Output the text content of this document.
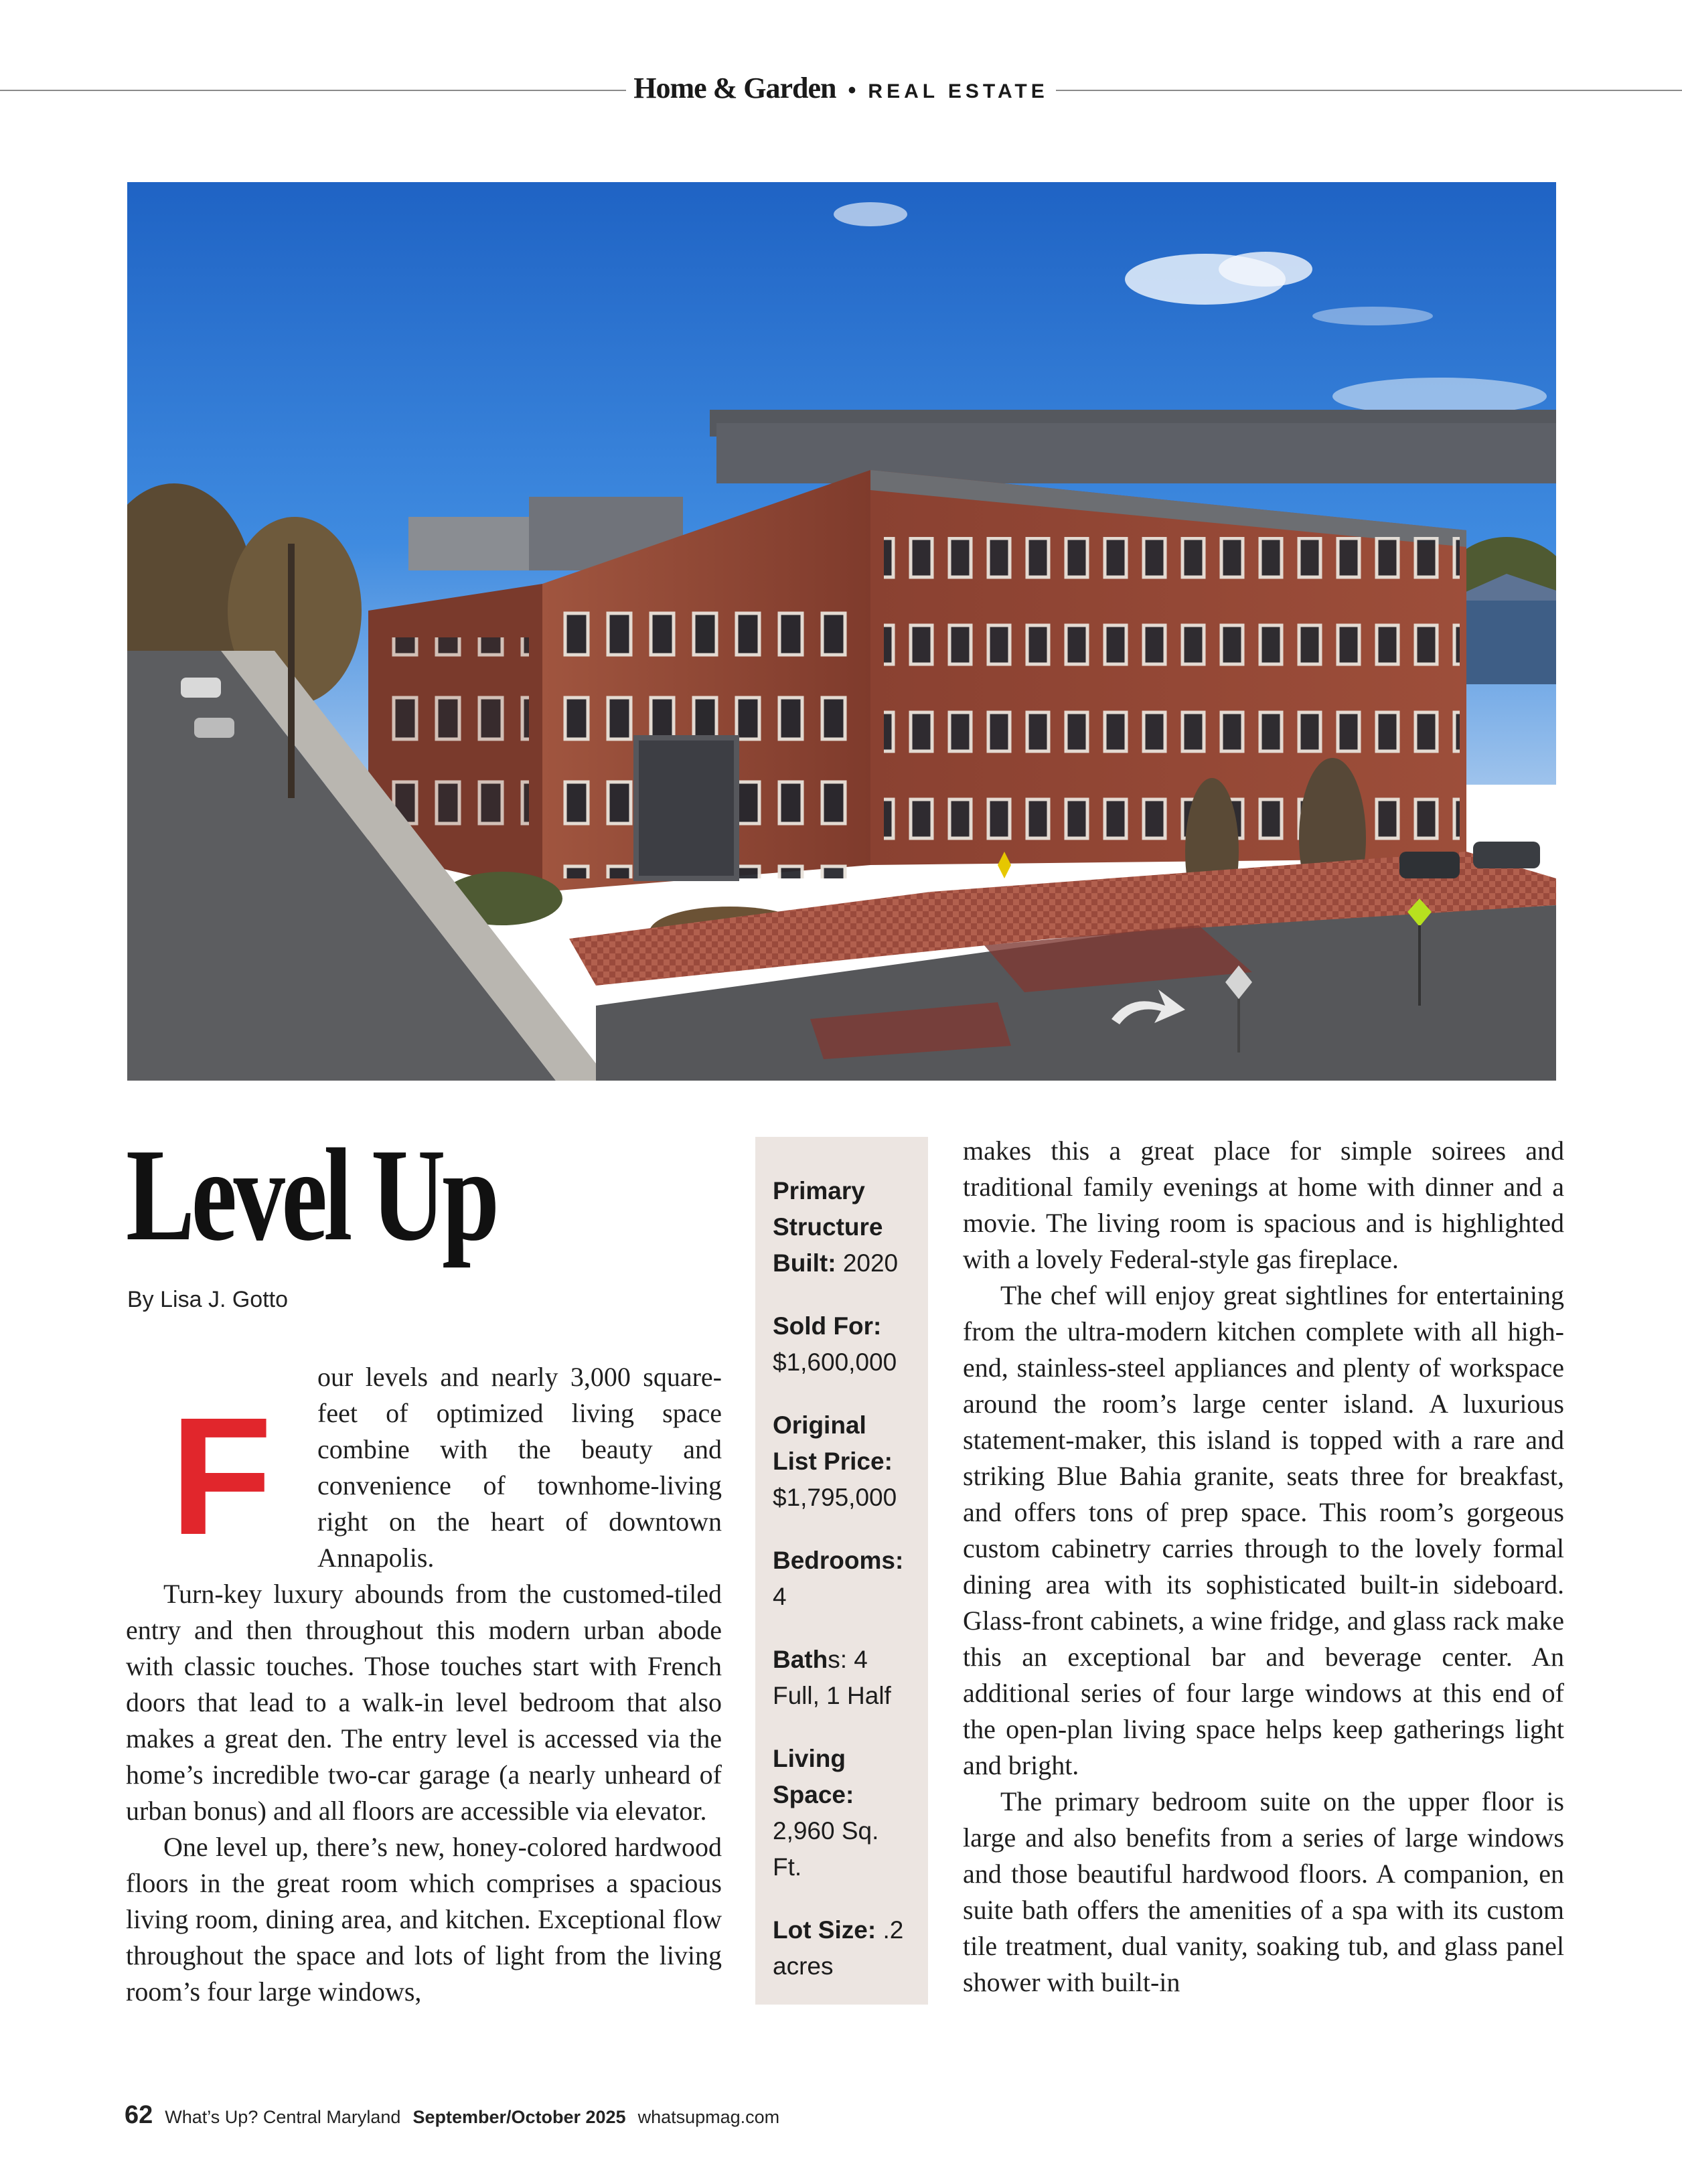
Home & Garden • REAL ESTATE
Level Up
By Lisa J. Gotto
F

our levels and nearly 3,000 square-feet of optimized living space combine with the beauty and convenience of townhome-living right on the heart of downtown Annapolis.

Turn-key luxury abounds from the customed-tiled entry and then throughout this modern urban abode with classic touches. Those touches start with French doors that lead to a walk-in level bedroom that also makes a great den. The entry level is accessed via the home’s incredible two-car garage (a nearly unheard of urban bonus) and all floors are accessible via elevator.

One level up, there’s new, honey-colored hardwood floors in the great room which comprises a spacious living room, dining area, and kitchen. Exceptional flow throughout the space and lots of light from the living room’s four large windows,

Primary Structure Built: 2020
Sold For: $1,600,000
Original List Price: $1,795,000
Bedrooms: 4
Baths: 4 Full, 1 Half
Living Space: 2,960 Sq. Ft.
Lot Size: .2 acres

makes this a great place for simple soirees and traditional family evenings at home with dinner and a movie. The living room is spacious and is highlighted with a lovely Federal-style gas fireplace.

The chef will enjoy great sightlines for entertaining from the ultra-modern kitchen complete with all high-end, stainless-steel appliances and plenty of workspace around the room’s large center island. A luxurious statement-maker, this island is topped with a rare and striking Blue Bahia granite, seats three for breakfast, and offers tons of prep space. This room’s gorgeous custom cabinetry carries through to the lovely formal dining area with its sophisticated built-in sideboard. Glass-front cabinets, a wine fridge, and glass rack make this an exceptional bar and beverage center. An additional series of four large windows at this end of the open-plan living space helps keep gatherings light and bright.

The primary bedroom suite on the upper floor is large and also benefits from a series of large windows and those beautiful hardwood floors. A companion, en suite bath offers the amenities of a spa with its custom tile treatment, dual vanity, soaking tub, and glass panel shower with built-in

62 What’s Up? Central Maryland September/October 2025 whatsupmag.com
